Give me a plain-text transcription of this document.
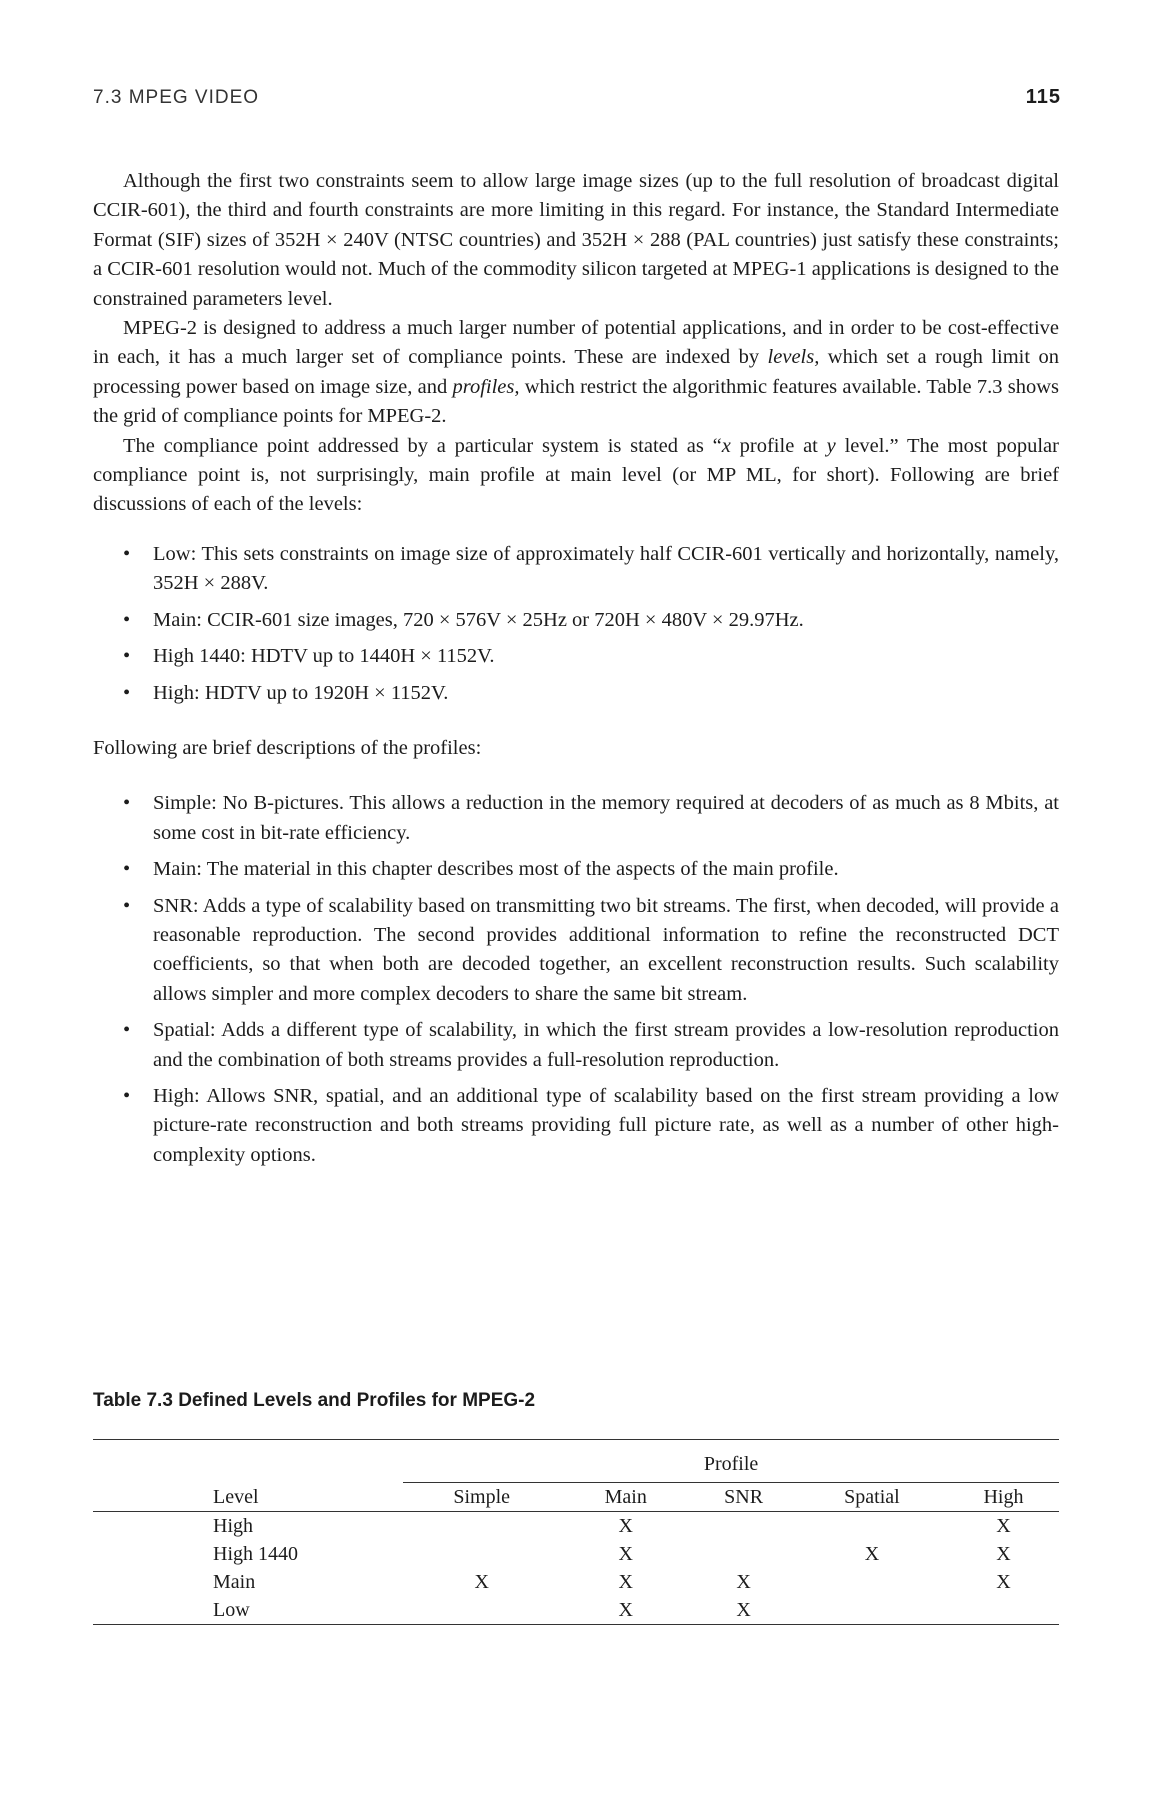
7.3 MPEG VIDEO	115

Although the first two constraints seem to allow large image sizes (up to the full resolution of broadcast digital CCIR-601), the third and fourth constraints are more limiting in this regard. For instance, the Standard Intermediate Format (SIF) sizes of 352H × 240V (NTSC countries) and 352H × 288 (PAL countries) just satisfy these constraints; a CCIR-601 resolution would not. Much of the commodity silicon targeted at MPEG-1 applications is designed to the constrained parameters level.

MPEG-2 is designed to address a much larger number of potential applications, and in order to be cost-effective in each, it has a much larger set of compliance points. These are indexed by levels, which set a rough limit on processing power based on image size, and profiles, which restrict the algorithmic features available. Table 7.3 shows the grid of compliance points for MPEG-2.

The compliance point addressed by a particular system is stated as “x profile at y level.” The most popular compliance point is, not surprisingly, main profile at main level (or MP ML, for short). Following are brief discussions of each of the levels:

• Low: This sets constraints on image size of approximately half CCIR-601 vertically and horizontally, namely, 352H × 288V.
• Main: CCIR-601 size images, 720 × 576V × 25Hz or 720H × 480V × 29.97Hz.
• High 1440: HDTV up to 1440H × 1152V.
• High: HDTV up to 1920H × 1152V.

Following are brief descriptions of the profiles:

• Simple: No B-pictures. This allows a reduction in the memory required at decoders of as much as 8 Mbits, at some cost in bit-rate efficiency.
• Main: The material in this chapter describes most of the aspects of the main profile.
• SNR: Adds a type of scalability based on transmitting two bit streams. The first, when decoded, will provide a reasonable reproduction. The second provides additional information to refine the reconstructed DCT coefficients, so that when both are decoded together, an excellent reconstruction results. Such scalability allows simpler and more complex decoders to share the same bit stream.
• Spatial: Adds a different type of scalability, in which the first stream provides a low-resolution reproduction and the combination of both streams provides a full-resolution reproduction.
• High: Allows SNR, spatial, and an additional type of scalability based on the first stream providing a low picture-rate reconstruction and both streams providing full picture rate, as well as a number of other high-complexity options.
Table 7.3 Defined Levels and Profiles for MPEG-2
	Profile				
Level	Simple	Main	SNR	Spatial	High

High		X			X
High 1440		X		X	X
Main	X	X	X		X
Low		X	X		
